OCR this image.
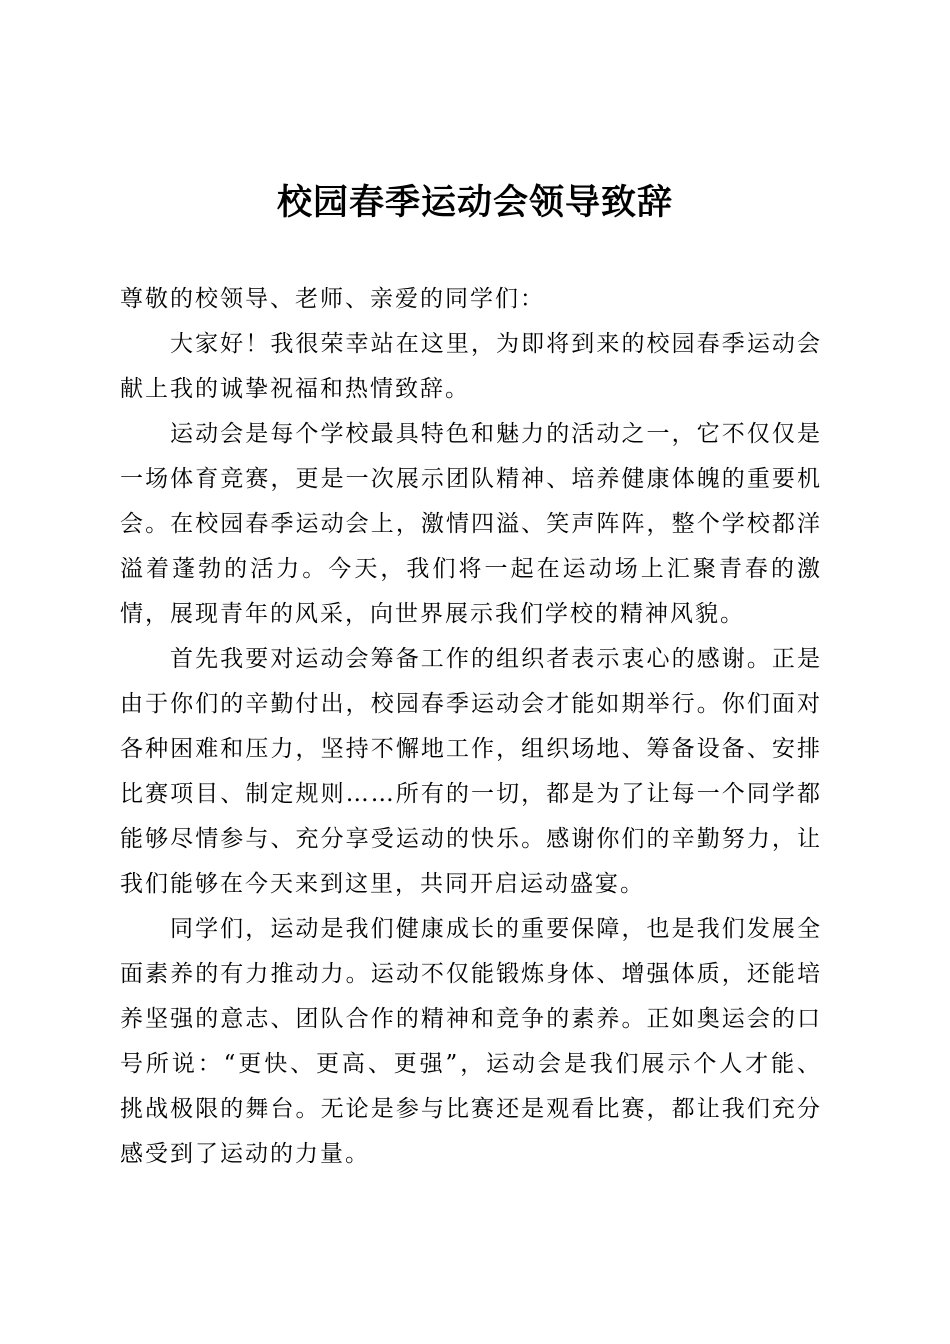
校园春季运动会领导致辞

尊敬的校领导、老师、亲爱的同学们：

大家好！我很荣幸站在这里，为即将到来的校园春季运动会献上我的诚挚祝福和热情致辞。

运动会是每个学校最具特色和魅力的活动之一，它不仅仅是一场体育竞赛，更是一次展示团队精神、培养健康体魄的重要机会。在校园春季运动会上，激情四溢、笑声阵阵，整个学校都洋溢着蓬勃的活力。今天，我们将一起在运动场上汇聚青春的激情，展现青年的风采，向世界展示我们学校的精神风貌。

首先我要对运动会筹备工作的组织者表示衷心的感谢。正是由于你们的辛勤付出，校园春季运动会才能如期举行。你们面对各种困难和压力，坚持不懈地工作，组织场地、筹备设备、安排比赛项目、制定规则……所有的一切，都是为了让每一个同学都能够尽情参与、充分享受运动的快乐。感谢你们的辛勤努力，让我们能够在今天来到这里，共同开启运动盛宴。

同学们，运动是我们健康成长的重要保障，也是我们发展全面素养的有力推动力。运动不仅能锻炼身体、增强体质，还能培养坚强的意志、团队合作的精神和竞争的素养。正如奥运会的口号所说：“更快、更高、更强”，运动会是我们展示个人才能、挑战极限的舞台。无论是参与比赛还是观看比赛，都让我们充分感受到了运动的力量。
